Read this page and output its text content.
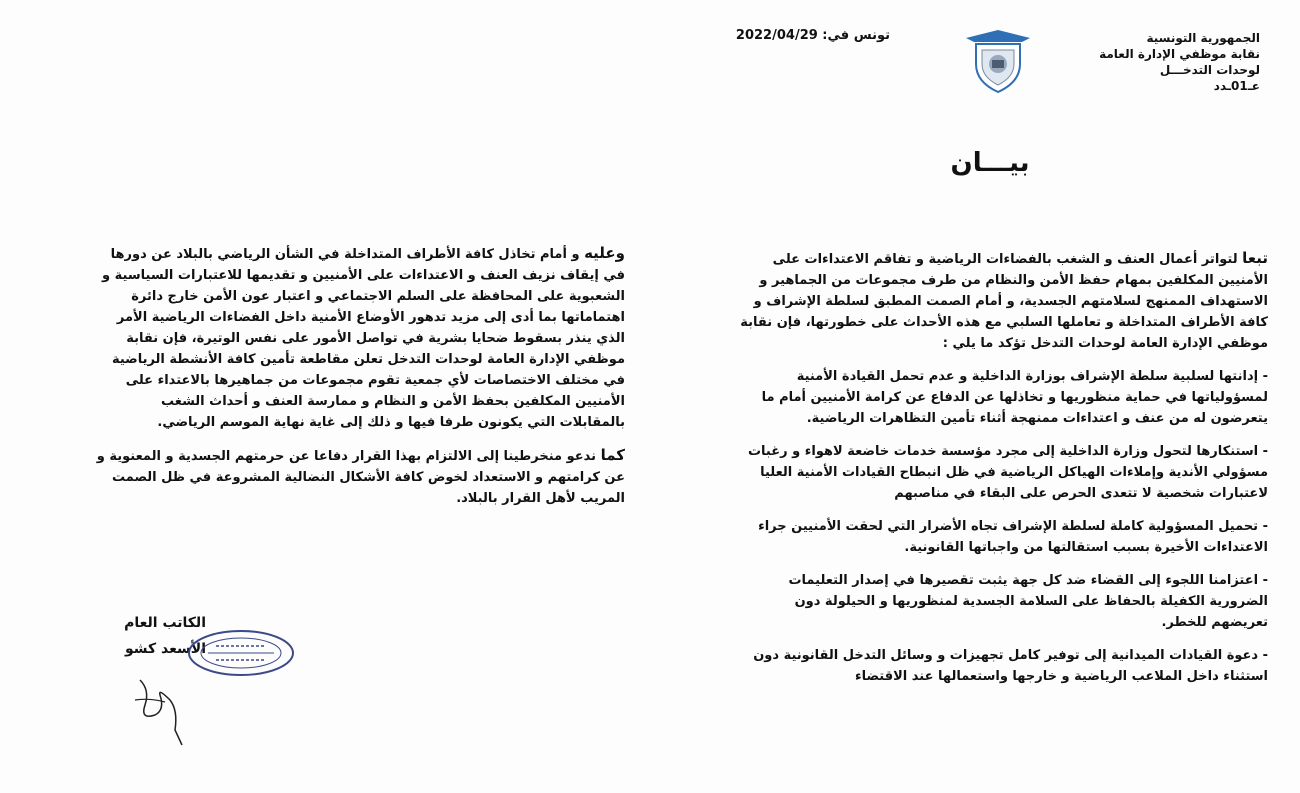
الجمهورية التونسية
نقابة موظفي الإدارة العامة
لوحدات التدخـــل
عـ01ـدد
تونس في: 2022/04/29
بيـــان

تبعا لتواتر أعمال العنف و الشغب بالفضاءات الرياضية و تفاقم الاعتداءات على الأمنيين المكلفين بمهام حفظ الأمن والنظام من طرف مجموعات من الجماهير و الاستهداف الممنهج لسلامتهم الجسدية، و أمام الصمت المطبق لسلطة الإشراف و كافة الأطراف المتداخلة و تعاملها السلبي مع هذه الأحداث على خطورتها، فإن نقابة موظفي الإدارة العامة لوحدات التدخل تؤكد ما يلي :

- إدانتها لسلبية سلطة الإشراف بوزارة الداخلية و عدم تحمل القيادة الأمنية لمسؤولياتها في حماية منظوريها و تخاذلها عن الدفاع عن كرامة الأمنيين أمام ما يتعرضون له من عنف و اعتداءات ممنهجة أثناء تأمين التظاهرات الرياضية.

- استنكارها لتحول وزارة الداخلية إلى مجرد مؤسسة خدمات خاضعة لاهواء و رغبات مسؤولي الأندية وإملاءات الهياكل الرياضية في ظل انبطاح القيادات الأمنية العليا لاعتبارات شخصية لا تتعدى الحرص على البقاء في مناصبهم

- تحميل المسؤولية كاملة لسلطة الإشراف تجاه الأضرار التي لحقت الأمنيين جراء الاعتداءات الأخيرة بسبب استقالتها من واجباتها القانونية.

- اعتزامنا اللجوء إلى القضاء ضد كل جهة يثبت تقصيرها في إصدار التعليمات الضرورية الكفيلة بالحفاظ على السلامة الجسدية لمنظوريها و الحيلولة دون تعريضهم للخطر.

- دعوة القيادات الميدانية إلى توفير كامل تجهيزات و وسائل التدخل القانونية دون استثناء داخل الملاعب الرياضية و خارجها واستعمالها عند الاقتضاء

وعليه و أمام تخاذل كافة الأطراف المتداخلة في الشأن الرياضي بالبلاد عن دورها في إيقاف نزيف العنف و الاعتداءات على الأمنيين و تقديمها للاعتبارات السياسية و الشعبوية على المحافظة على السلم الاجتماعي و اعتبار عون الأمن خارج دائرة اهتماماتها بما أدى إلى مزيد تدهور الأوضاع الأمنية داخل الفضاءات الرياضية الأمر الذي ينذر بسقوط ضحايا بشرية في تواصل الأمور على نفس الوتيرة، فإن نقابة موظفي الإدارة العامة لوحدات التدخل تعلن مقاطعة تأمين كافة الأنشطة الرياضية في مختلف الاختصاصات لأي جمعية تقوم مجموعات من جماهيرها بالاعتداء على الأمنيين المكلفين بحفظ الأمن و النظام و ممارسة العنف و أحداث الشغب بالمقابلات التي يكونون طرفا فيها و ذلك إلى غاية نهاية الموسم الرياضي.

كما ندعو منخرطينا إلى الالتزام بهذا القرار دفاعا عن حرمتهم الجسدية و المعنوية و عن كرامتهم و الاستعداد لخوض كافة الأشكال النضالية المشروعة في ظل الصمت المريب لأهل القرار بالبلاد.

الكاتب العام
الأسعد كشو
